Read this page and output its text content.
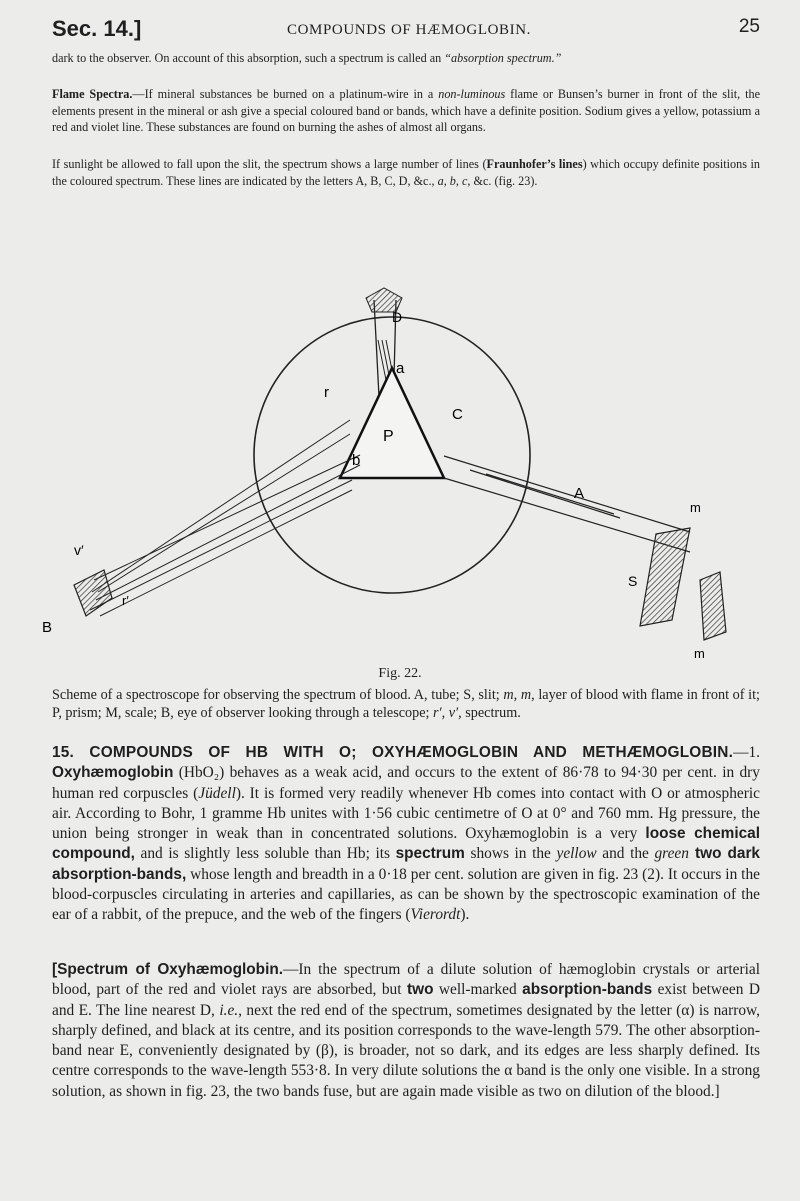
Sec. 14.]	COMPOUNDS OF HÆMOGLOBIN.	25

dark to the observer. On account of this absorption, such a spectrum is called an “absorption spectrum.”

Flame Spectra.—If mineral substances be burned on a platinum-wire in a non-luminous flame or Bunsen’s burner in front of the slit, the elements present in the mineral or ash give a special coloured band or bands, which have a definite position. Sodium gives a yellow, potassium a red and violet line. These substances are found on burning the ashes of almost all organs.

If sunlight be allowed to fall upon the slit, the spectrum shows a large number of lines (Fraunhofer’s lines) which occupy definite positions in the coloured spectrum. These lines are indicated by the letters A, B, C, D, &c., a, b, c, &c. (fig. 23).

D
a
r
C
P
b
v′
A
m
r′
S
B
m
Fig. 22.
Scheme of a spectroscope for observing the spectrum of blood. A, tube; S, slit; m, m, layer of blood with flame in front of it; P, prism; M, scale; B, eye of observer looking through a telescope; r′, v′, spectrum.

15. COMPOUNDS OF HB WITH O; OXYHÆMOGLOBIN AND METHÆMOGLOBIN.—1. Oxyhæmoglobin (HbO₂) behaves as a weak acid, and occurs to the extent of 86·78 to 94·30 per cent. in dry human red corpuscles (Jüdell). It is formed very readily whenever Hb comes into contact with O or atmospheric air. According to Bohr, 1 gramme Hb unites with 1·56 cubic centimetre of O at 0° and 760 mm. Hg pressure, the union being stronger in weak than in concentrated solutions. Oxyhæmoglobin is a very loose chemical compound, and is slightly less soluble than Hb; its spectrum shows in the yellow and the green two dark absorption-bands, whose length and breadth in a 0·18 per cent. solution are given in fig. 23 (2). It occurs in the blood-corpuscles circulating in arteries and capillaries, as can be shown by the spectroscopic examination of the ear of a rabbit, of the prepuce, and the web of the fingers (Vierordt).

[Spectrum of Oxyhæmoglobin.—In the spectrum of a dilute solution of hæmoglobin crystals or arterial blood, part of the red and violet rays are absorbed, but two well-marked absorption-bands exist between D and E. The line nearest D, i.e., next the red end of the spectrum, sometimes designated by the letter (α) is narrow, sharply defined, and black at its centre, and its position corresponds to the wave-length 579. The other absorption-band near E, conveniently designated by (β), is broader, not so dark, and its edges are less sharply defined. Its centre corresponds to the wave-length 553·8. In very dilute solutions the α band is the only one visible. In a strong solution, as shown in fig. 23, the two bands fuse, but are again made visible as two on dilution of the blood.]
